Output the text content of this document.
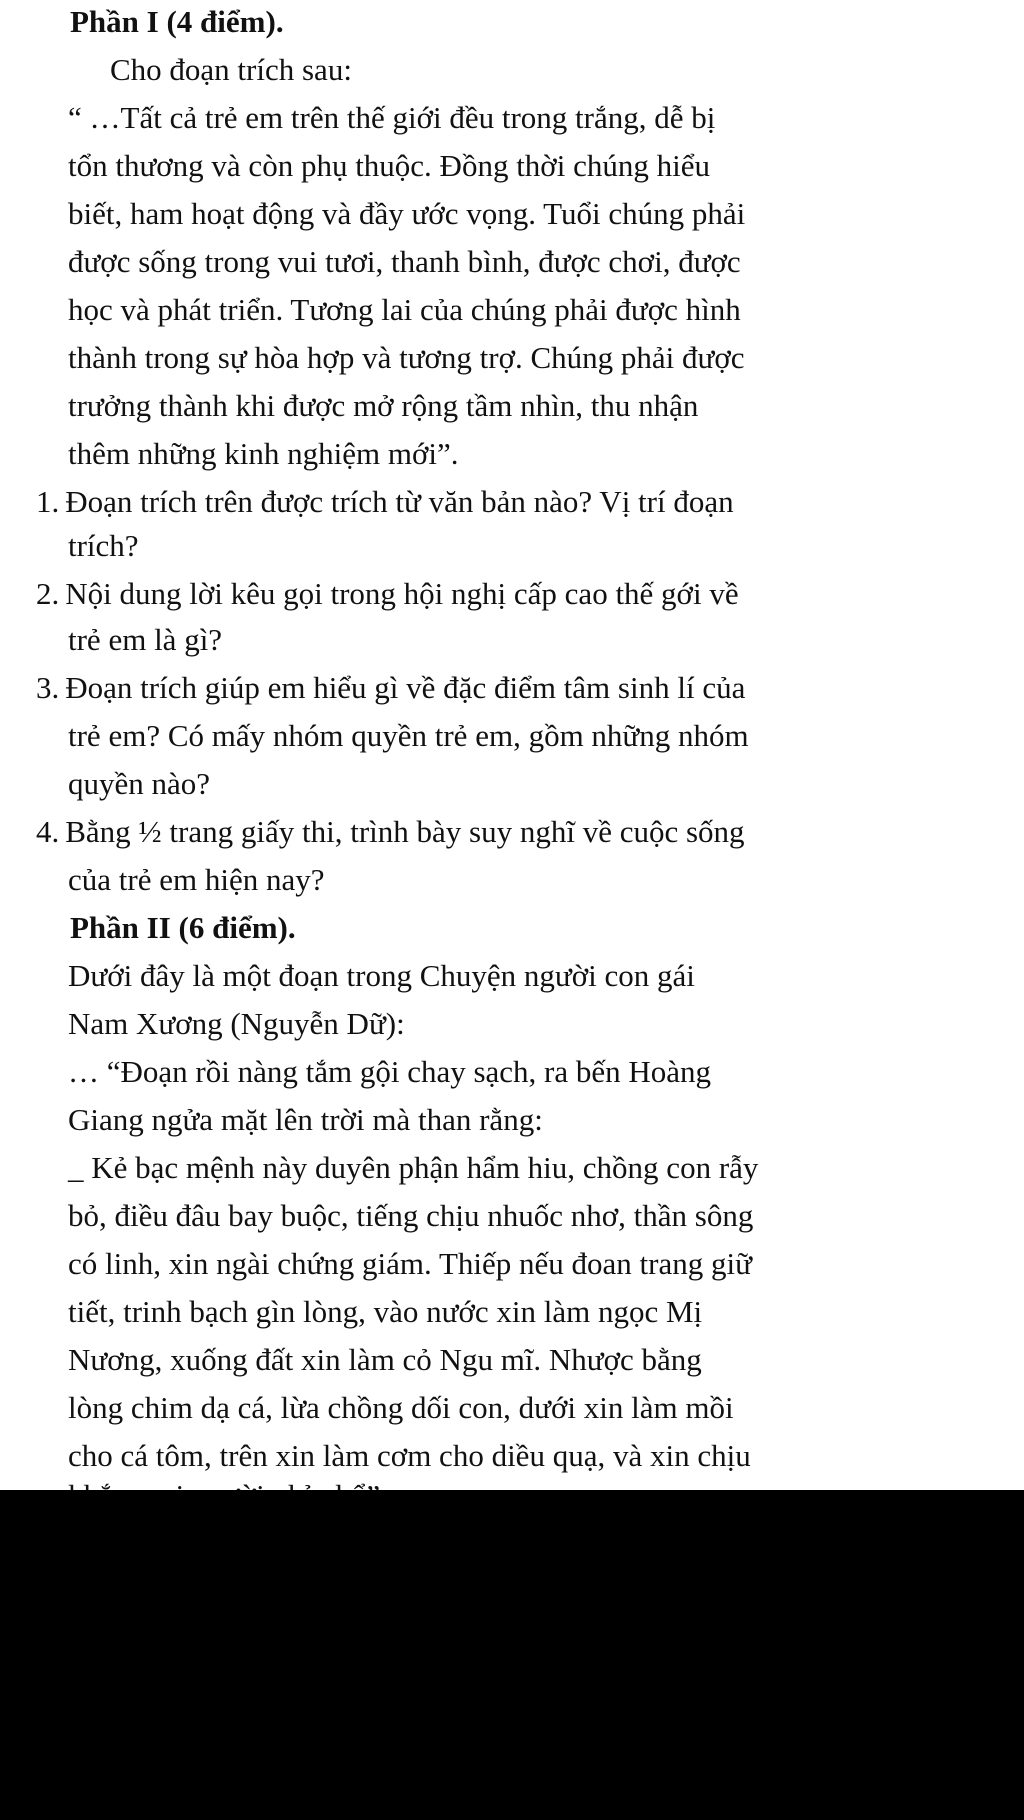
Phần I (4 điểm).
Cho đoạn trích sau:
“ …Tất cả trẻ em trên thế giới đều trong trắng, dễ bị
tổn thương và còn phụ thuộc. Đồng thời chúng hiểu
biết, ham hoạt động và đầy ước vọng. Tuổi chúng phải
được sống trong vui tươi, thanh bình, được chơi, được
học và phát triển. Tương lai của chúng phải được hình
thành trong sự hòa hợp và tương trợ. Chúng phải được
trưởng thành khi được mở rộng tầm nhìn, thu nhận
thêm những kinh nghiệm mới”.
1. Đoạn trích trên được trích từ văn bản nào? Vị trí đoạn
trích?
2. Nội dung lời kêu gọi trong hội nghị cấp cao thế gới về
trẻ em là gì?
3. Đoạn trích giúp em hiểu gì về đặc điểm tâm sinh lí của
trẻ em? Có mấy nhóm quyền trẻ em, gồm những nhóm
quyền nào?
4. Bằng ½ trang giấy thi, trình bày suy nghĩ về cuộc sống
của trẻ em hiện nay?
Phần II (6 điểm).
Dưới đây là một đoạn trong Chuyện người con gái
Nam Xương (Nguyễn Dữ):
… “Đoạn rồi nàng tắm gội chay sạch, ra bến Hoàng
Giang ngửa mặt lên trời mà than rằng:
_ Kẻ bạc mệnh này duyên phận hẩm hiu, chồng con rẫy
bỏ, điều đâu bay buộc, tiếng chịu nhuốc nhơ, thần sông
có linh, xin ngài chứng giám. Thiếp nếu đoan trang giữ
tiết, trinh bạch gìn lòng, vào nước xin làm ngọc Mị
Nương, xuống đất xin làm cỏ Ngu mĩ. Nhược bằng
lòng chim dạ cá, lừa chồng dối con, dưới xin làm mồi
cho cá tôm, trên xin làm cơm cho diều quạ, và xin chịu
